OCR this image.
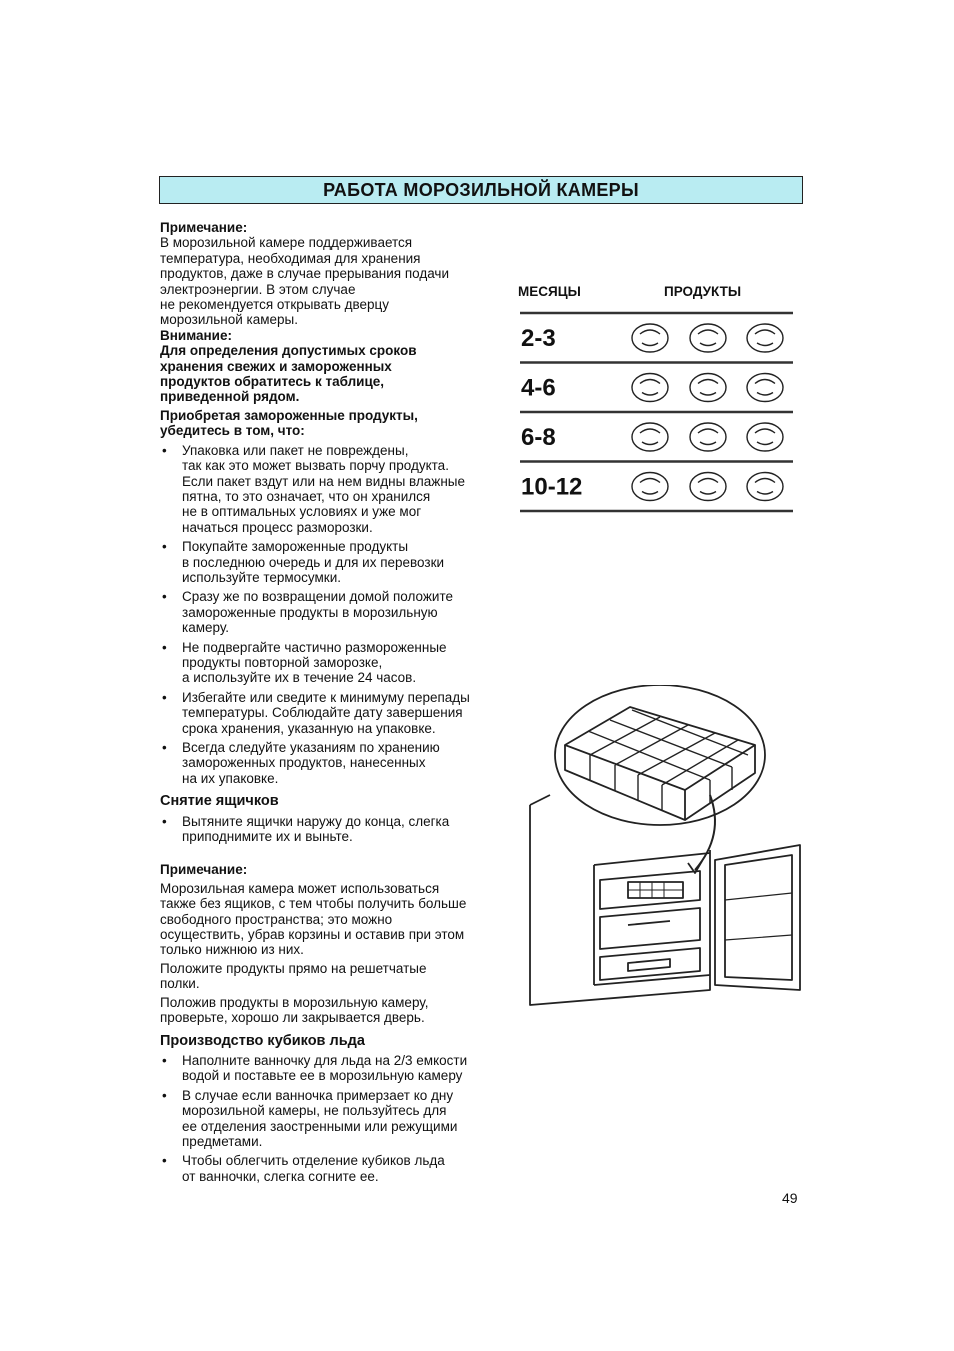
РАБОТА МОРОЗИЛЬНОЙ КАМЕРЫ

Примечание:

В морозильной камере поддерживается
температура, необходимая для хранения
продуктов, даже в случае прерывания подачи
электроэнергии. В этом случае
не рекомендуется открывать дверцу
морозильной камеры.

Внимание:

Для определения допустимых сроков
хранения свежих и замороженных
продуктов обратитесь к таблице,
приведенной рядом.

Приобретая замороженные продукты,
убедитесь в том, что:

• Упаковка или пакет не повреждены,
так как это может вызвать порчу продукта.
Если пакет вздут или на нем видны влажные
пятна, то это означает, что он хранился
не в оптимальных условиях и уже мог
начаться процесс разморозки.
• Покупайте замороженные продукты
в последнюю очередь и для их перевозки
используйте термосумки.
• Сразу же по возвращении домой положите
замороженные продукты в морозильную
камеру.
• Не подвергайте частично размороженные
продукты повторной заморозке,
а используйте их в течение 24 часов.
• Избегайте или сведите к минимуму перепады
температуры. Соблюдайте дату завершения
срока хранения, указанную на упаковке.
• Всегда следуйте указаниям по хранению
замороженных продуктов, нанесенных
на их упаковке.

Снятие ящичков

• Вытяните ящички наружу до конца, слегка
приподнимите их и выньте.

Примечание:

Морозильная камера может использоваться
также без ящиков, с тем чтобы получить больше
свободного пространства; это можно
осуществить, убрав корзины и оставив при этом
только нижнюю из них.

Положите продукты прямо на решетчатые
полки.

Положив продукты в морозильную камеру,
проверьте, хорошо ли закрывается дверь.

Производство кубиков льда

• Наполните ванночку для льда на 2/3 емкости
водой и поставьте ее в морозильную камеру
• В случае если ванночка примерзает ко дну
морозильной камеры, не пользуйтесь для
ее отделения заостренными или режущими
предметами.
• Чтобы облегчить отделение кубиков льда
от ванночки, слегка согните ее.
МЕСЯЦЫ	ПРОДУКТЫ
2-3
4-6
6-8
10-12
49
